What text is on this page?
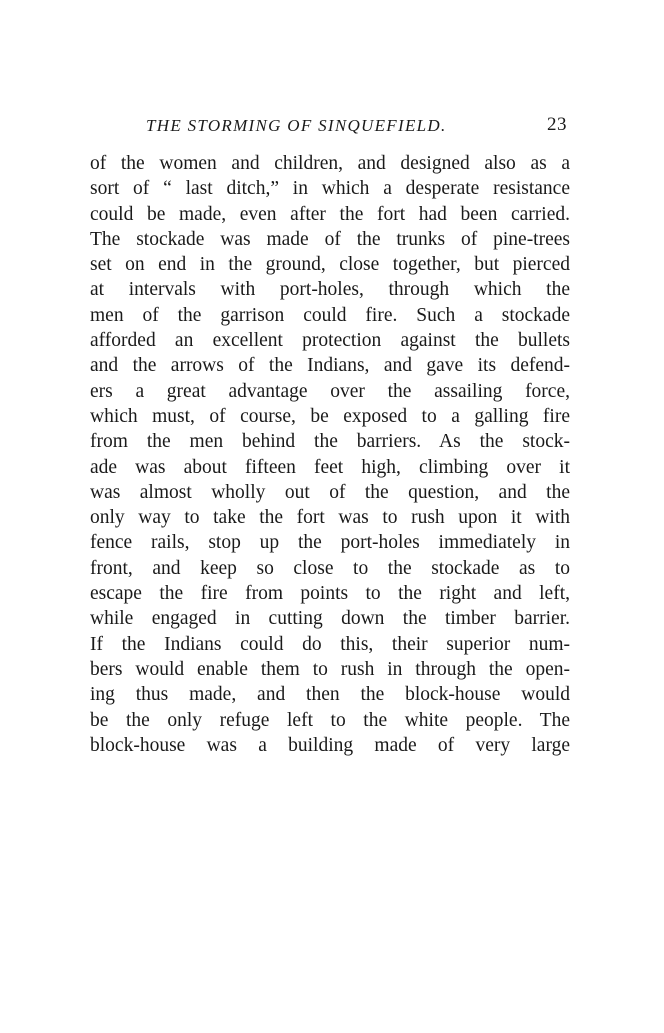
THE STORMING OF SINQUEFIELD.	23
of the women and children, and designed also as a
sort of “ last ditch,” in which a desperate resistance
could be made, even after the fort had been carried.
The stockade was made of the trunks of pine-trees
set on end in the ground, close together, but pierced
at intervals with port-holes, through which the
men of the garrison could fire. Such a stockade
afforded an excellent protection against the bullets
and the arrows of the Indians, and gave its defend-
ers a great advantage over the assailing force,
which must, of course, be exposed to a galling fire
from the men behind the barriers. As the stock-
ade was about fifteen feet high, climbing over it
was almost wholly out of the question, and the
only way to take the fort was to rush upon it with
fence rails, stop up the port-holes immediately in
front, and keep so close to the stockade as to
escape the fire from points to the right and left,
while engaged in cutting down the timber barrier.
If the Indians could do this, their superior num-
bers would enable them to rush in through the open-
ing thus made, and then the block-house would
be the only refuge left to the white people. The
block-house was a building made of very large
